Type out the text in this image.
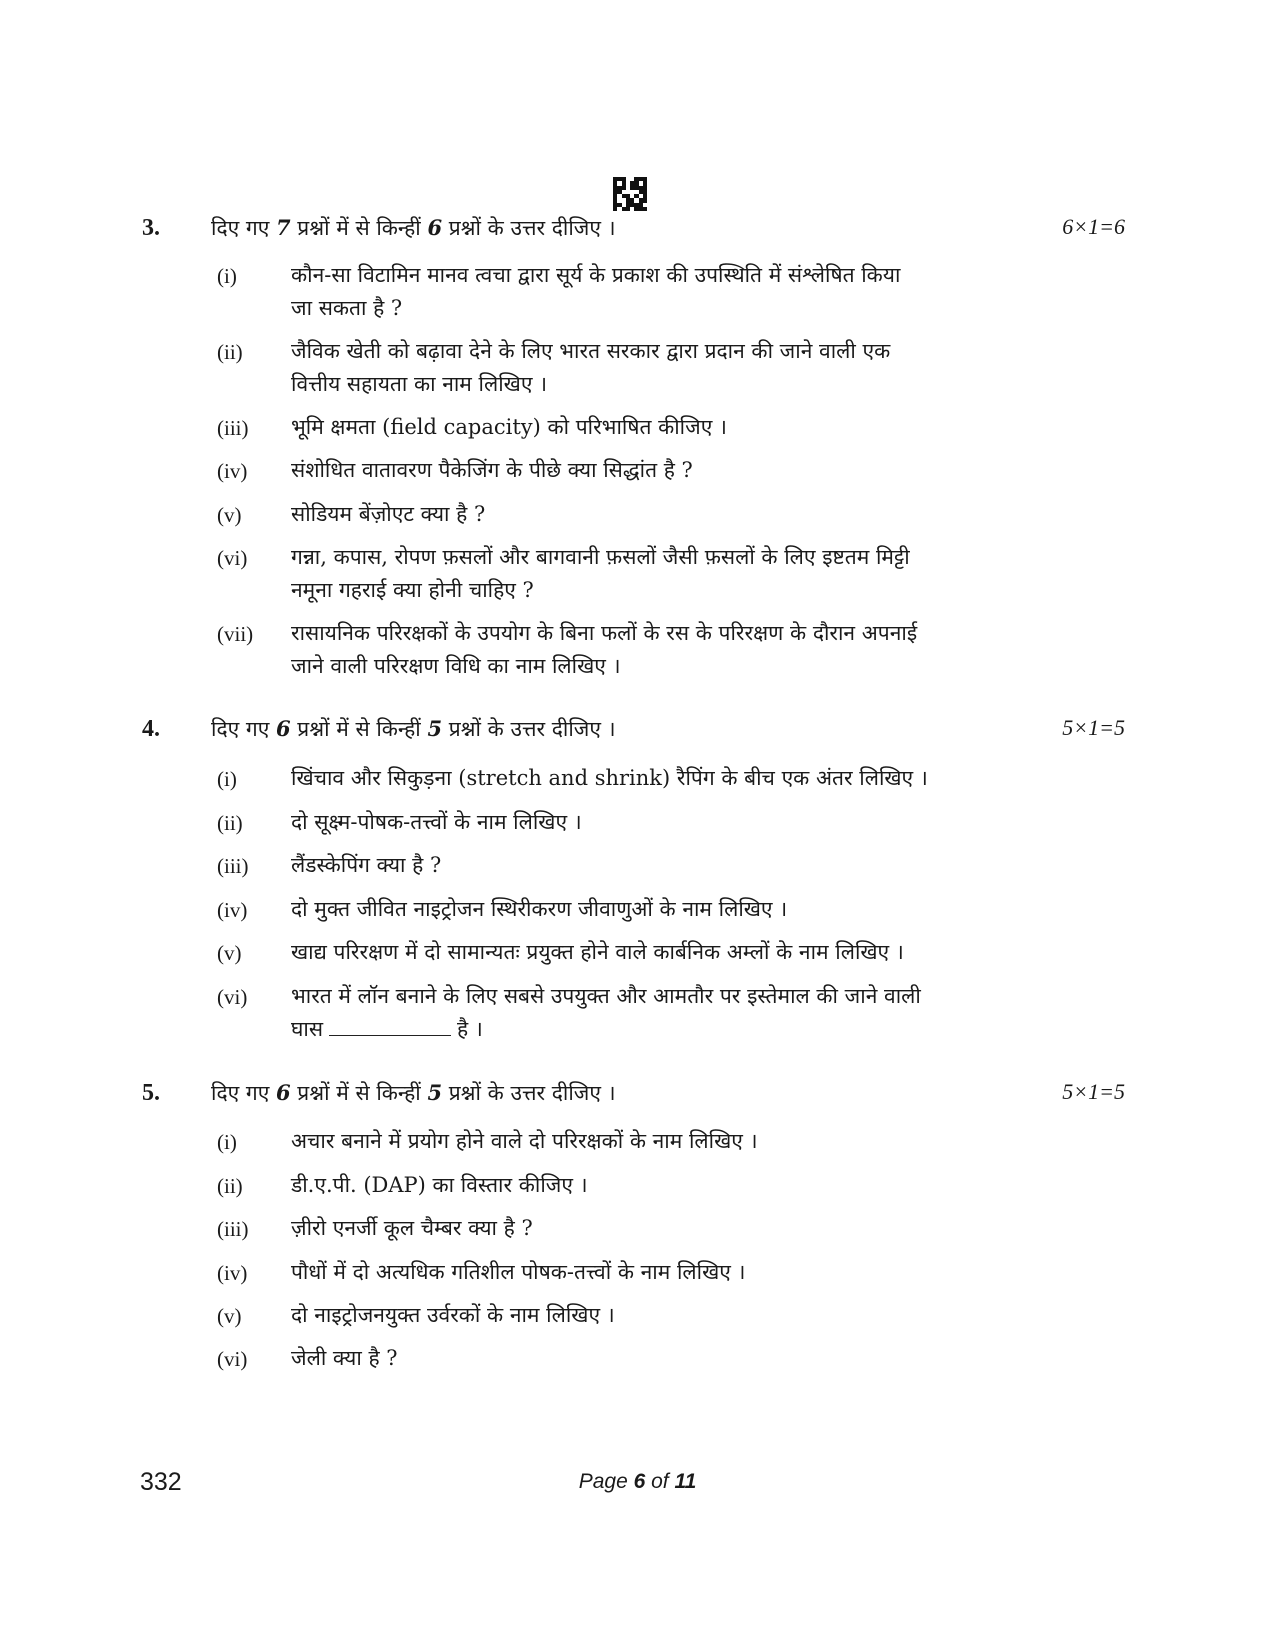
3. दिए गए 7 प्रश्नों में से किन्हीं 6 प्रश्नों के उत्तर दीजिए ।	6×1=6
(i)	कौन-सा विटामिन मानव त्वचा द्वारा सूर्य के प्रकाश की उपस्थिति में संश्लेषित किया
जा सकता है ?
(ii) जैविक खेती को बढ़ावा देने के लिए भारत सरकार द्वारा प्रदान की जाने वाली एक
वित्तीय सहायता का नाम लिखिए ।
(iii) भूमि क्षमता (field capacity) को परिभाषित कीजिए ।
(iv) संशोधित वातावरण पैकेजिंग के पीछे क्या सिद्धांत है ?
(v) सोडियम बेंज़ोएट क्या है ?
(vi) गन्ना, कपास, रोपण फ़सलों और बागवानी फ़सलों जैसी फ़सलों के लिए इष्टतम मिट्टी
नमूना गहराई क्या होनी चाहिए ?
(vii) रासायनिक परिरक्षकों के उपयोग के बिना फलों के रस के परिरक्षण के दौरान अपनाई
जाने वाली परिरक्षण विधि का नाम लिखिए ।
4. दिए गए 6 प्रश्नों में से किन्हीं 5 प्रश्नों के उत्तर दीजिए ।	5×1=5
(i)	खिंचाव और सिकुड़ना (stretch and shrink) रैपिंग के बीच एक अंतर लिखिए ।
(ii) दो सूक्ष्म-पोषक-तत्त्वों के नाम लिखिए ।
(iii) लैंडस्केपिंग क्या है ?
(iv) दो मुक्त जीवित नाइट्रोजन स्थिरीकरण जीवाणुओं के नाम लिखिए ।
(v) खाद्य परिरक्षण में दो सामान्यतः प्रयुक्त होने वाले कार्बनिक अम्लों के नाम लिखिए ।
(vi) भारत में लॉन बनाने के लिए सबसे उपयुक्त और आमतौर पर इस्तेमाल की जाने वाली
घास	है ।
5. दिए गए 6 प्रश्नों में से किन्हीं 5 प्रश्नों के उत्तर दीजिए ।	5×1=5
(i)	अचार बनाने में प्रयोग होने वाले दो परिरक्षकों के नाम लिखिए ।
(ii) डी.ए.पी. (DAP) का विस्तार कीजिए ।
(iii) ज़ीरो एनर्जी कूल चैम्बर क्या है ?
(iv) पौधों में दो अत्यधिक गतिशील पोषक-तत्त्वों के नाम लिखिए ।
(v) दो नाइट्रोजनयुक्त उर्वरकों के नाम लिखिए ।
(vi) जेली क्या है ?
332	Page 6 of 11
